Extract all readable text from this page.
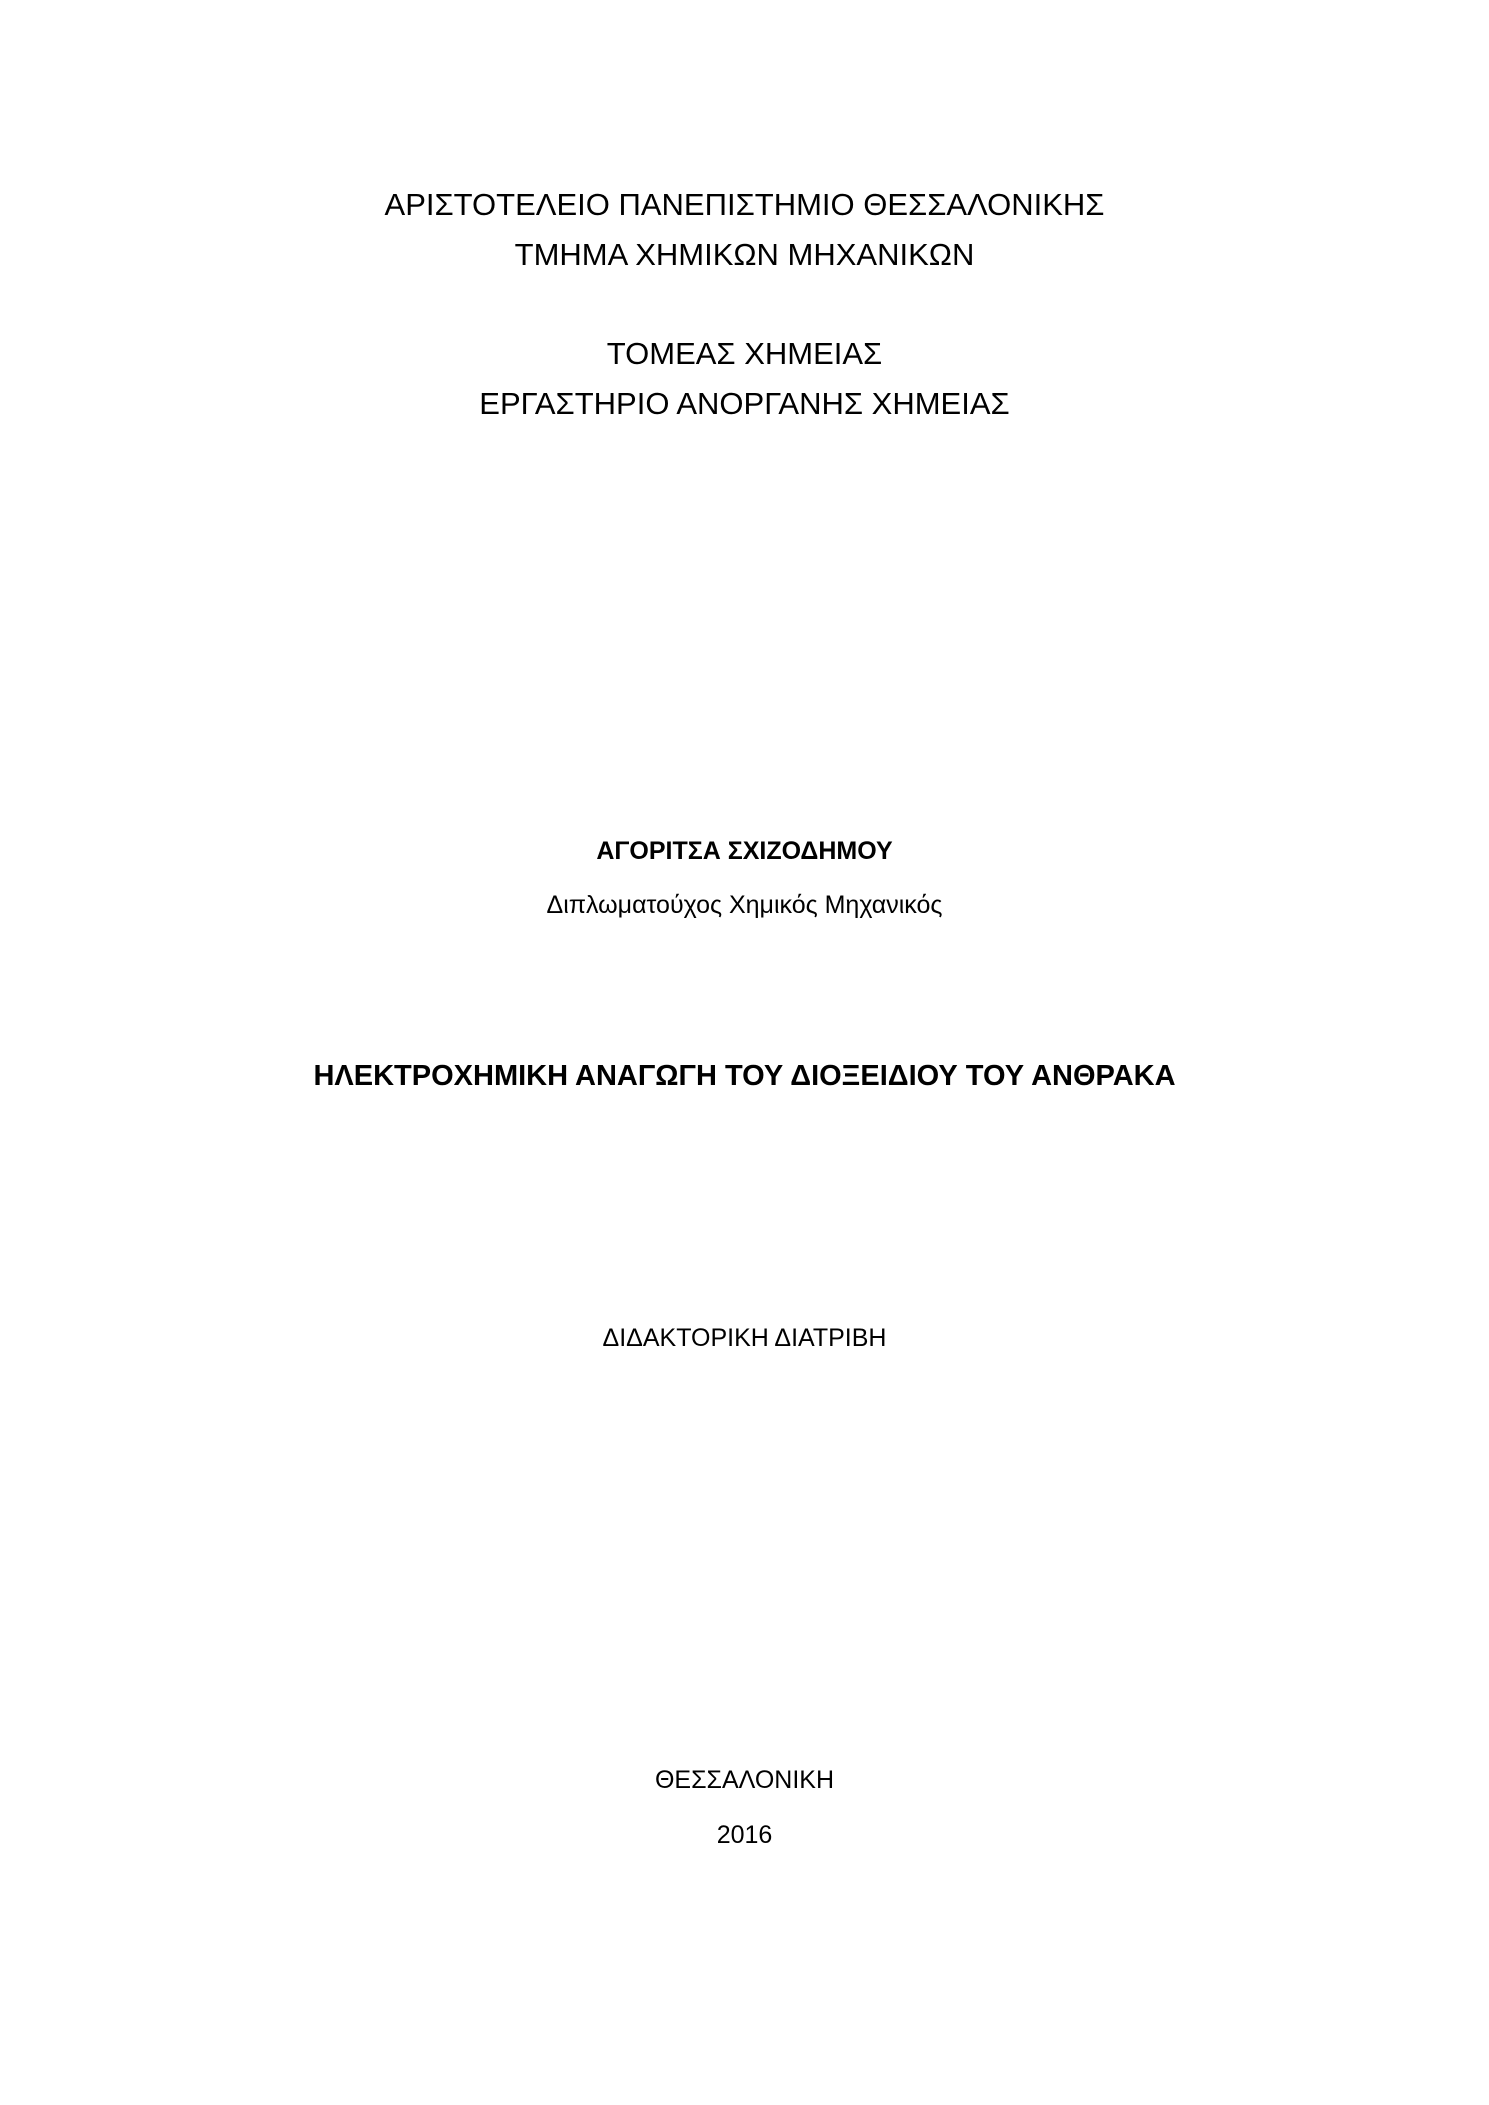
ΑΡΙΣΤΟΤΕΛΕΙΟ ΠΑΝΕΠΙΣΤΗΜΙΟ ΘΕΣΣΑΛΟΝΙΚΗΣ
ΤΜΗΜΑ ΧΗΜΙΚΩΝ ΜΗΧΑΝΙΚΩΝ
ΤΟΜΕΑΣ ΧΗΜΕΙΑΣ
ΕΡΓΑΣΤΗΡΙΟ ΑΝΟΡΓΑΝΗΣ ΧΗΜΕΙΑΣ
ΑΓΟΡΙΤΣΑ ΣΧΙΖΟΔΗΜΟΥ
Διπλωματούχος Χημικός Μηχανικός
ΗΛΕΚΤΡΟΧΗΜΙΚΗ ΑΝΑΓΩΓΗ ΤΟΥ ΔΙΟΞΕΙΔΙΟΥ ΤΟΥ ΑΝΘΡΑΚΑ
ΔΙΔΑΚΤΟΡΙΚΗ ΔΙΑΤΡΙΒΗ
ΘΕΣΣΑΛΟΝΙΚΗ
2016
